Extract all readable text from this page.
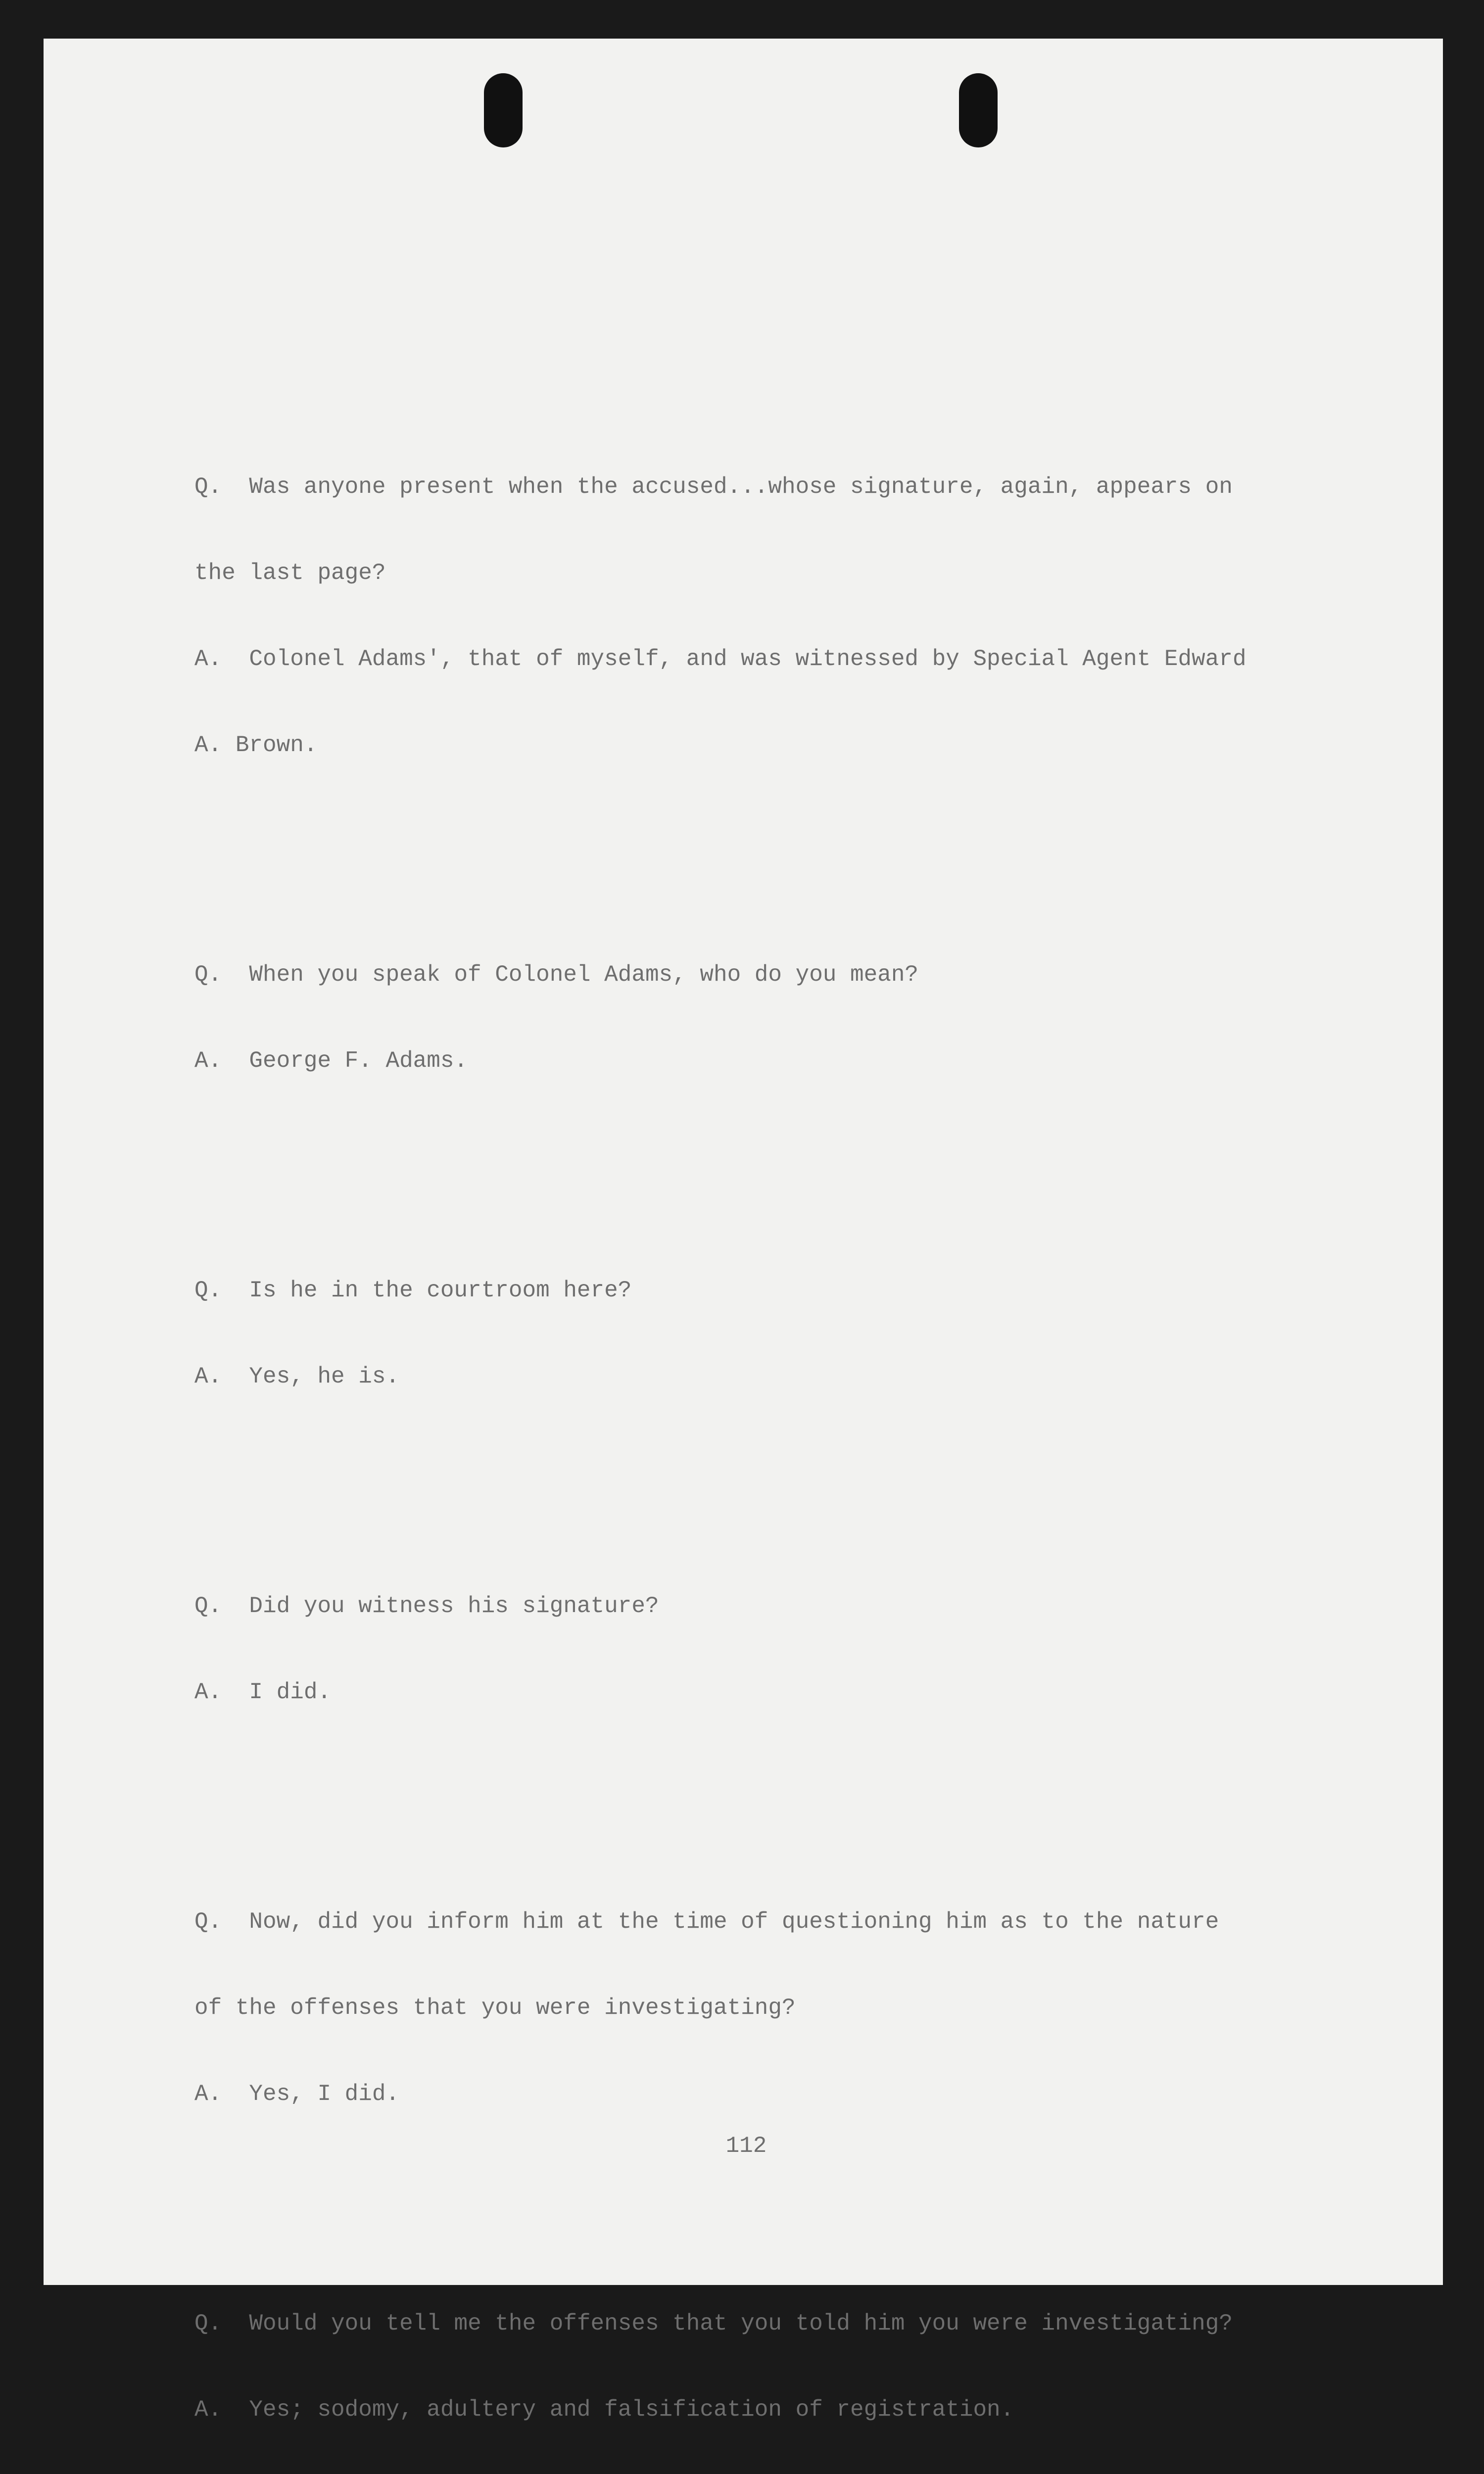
Q.  Was anyone present when the accused...whose signature, again, appears on

the last page?

A.  Colonel Adams', that of myself, and was witnessed by Special Agent Edward

A. Brown.

Q.  When you speak of Colonel Adams, who do you mean?

A.  George F. Adams.

Q.  Is he in the courtroom here?

A.  Yes, he is.

Q.  Did you witness his signature?

A.  I did.

Q.  Now, did you inform him at the time of questioning him as to the nature

of the offenses that you were investigating?

A.  Yes, I did.

Q.  Would you tell me the offenses that you told him you were investigating?

A.  Yes; sodomy, adultery and falsification of registration.

112
